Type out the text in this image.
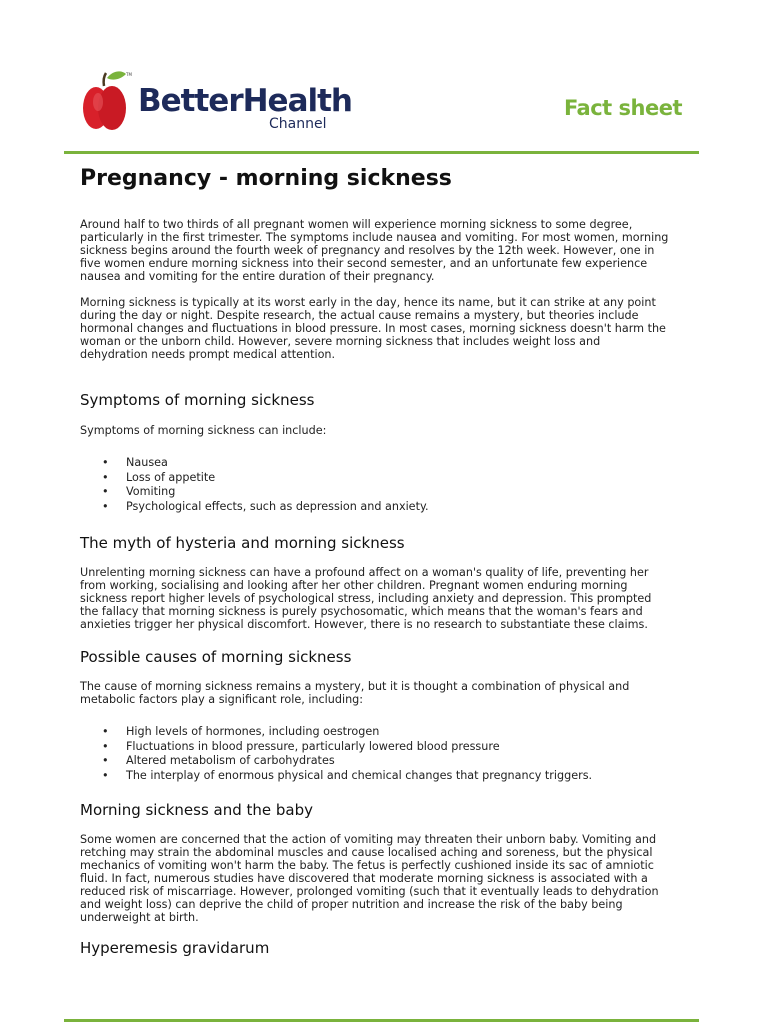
TM
BetterHealth
Channel
Fact sheet
Pregnancy - morning sickness

Around half to two thirds of all pregnant women will experience morning sickness to some degree, particularly in the first trimester. The symptoms include nausea and vomiting. For most women, morning sickness begins around the fourth week of pregnancy and resolves by the 12th week. However, one in five women endure morning sickness into their second semester, and an unfortunate few experience nausea and vomiting for the entire duration of their pregnancy.

Morning sickness is typically at its worst early in the day, hence its name, but it can strike at any point during the day or night. Despite research, the actual cause remains a mystery, but theories include hormonal changes and fluctuations in blood pressure. In most cases, morning sickness doesn't harm the woman or the unborn child. However, severe morning sickness that includes weight loss and dehydration needs prompt medical attention.

Symptoms of morning sickness

Symptoms of morning sickness can include:

• Nausea
• Loss of appetite
• Vomiting
• Psychological effects, such as depression and anxiety.
The myth of hysteria and morning sickness

Unrelenting morning sickness can have a profound affect on a woman's quality of life, preventing her from working, socialising and looking after her other children. Pregnant women enduring morning sickness report higher levels of psychological stress, including anxiety and depression. This prompted the fallacy that morning sickness is purely psychosomatic, which means that the woman's fears and anxieties trigger her physical discomfort. However, there is no research to substantiate these claims.

Possible causes of morning sickness

The cause of morning sickness remains a mystery, but it is thought a combination of physical and metabolic factors play a significant role, including:

• High levels of hormones, including oestrogen
• Fluctuations in blood pressure, particularly lowered blood pressure
• Altered metabolism of carbohydrates
• The interplay of enormous physical and chemical changes that pregnancy triggers.
Morning sickness and the baby

Some women are concerned that the action of vomiting may threaten their unborn baby. Vomiting and retching may strain the abdominal muscles and cause localised aching and soreness, but the physical mechanics of vomiting won't harm the baby. The fetus is perfectly cushioned inside its sac of amniotic fluid. In fact, numerous studies have discovered that moderate morning sickness is associated with a reduced risk of miscarriage. However, prolonged vomiting (such that it eventually leads to dehydration and weight loss) can deprive the child of proper nutrition and increase the risk of the baby being underweight at birth.

Hyperemesis gravidarum
